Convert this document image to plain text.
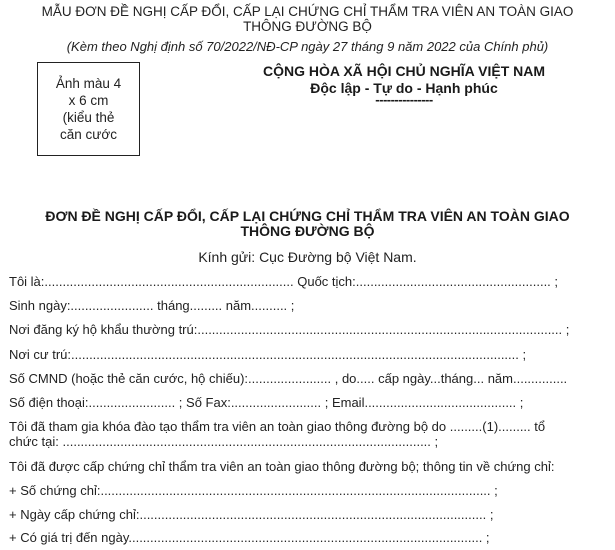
MẪU ĐƠN ĐỀ NGHỊ CẤP ĐỔI, CẤP LẠI CHỨNG CHỈ THẨM TRA VIÊN AN TOÀN GIAO
THÔNG ĐƯỜNG BỘ
(Kèm theo Nghị định số 70/2022/NĐ-CP ngày 27 tháng 9 năm 2022 của Chính phủ)
Ảnh màu 4
x 6 cm
(kiểu thẻ
căn cước
CỘNG HÒA XÃ HỘI CHỦ NGHĨA VIỆT NAM
Độc lập - Tự do - Hạnh phúc
---------------
ĐƠN ĐỀ NGHỊ CẤP ĐỔI, CẤP LẠI CHỨNG CHỈ THẨM TRA VIÊN AN TOÀN GIAO
THÔNG ĐƯỜNG BỘ
Kính gửi: Cục Đường bộ Việt Nam.
Tôi là:..................................................................... Quốc tịch:...................................................... ;
Sinh ngày:....................... tháng......... năm.......... ;
Nơi đăng ký hộ khẩu thường trú:..................................................................................................... ;
Nơi cư trú:............................................................................................................................ ;
Số CMND (hoặc thẻ căn cước, hộ chiếu):....................... , do..... cấp ngày...tháng... năm...............
Số điện thoại:........................ ; Số Fax:......................... ; Email.......................................... ;
Tôi đã tham gia khóa đào tạo thẩm tra viên an toàn giao thông đường bộ do .........(1)......... tổ
chức tại: ...................................................................................................... ;
Tôi đã được cấp chứng chỉ thẩm tra viên an toàn giao thông đường bộ; thông tin về chứng chỉ:
+ Số chứng chỉ:............................................................................................................ ;
+ Ngày cấp chứng chỉ:................................................................................................ ;
+ Có giá trị đến ngày.................................................................................................. ;
